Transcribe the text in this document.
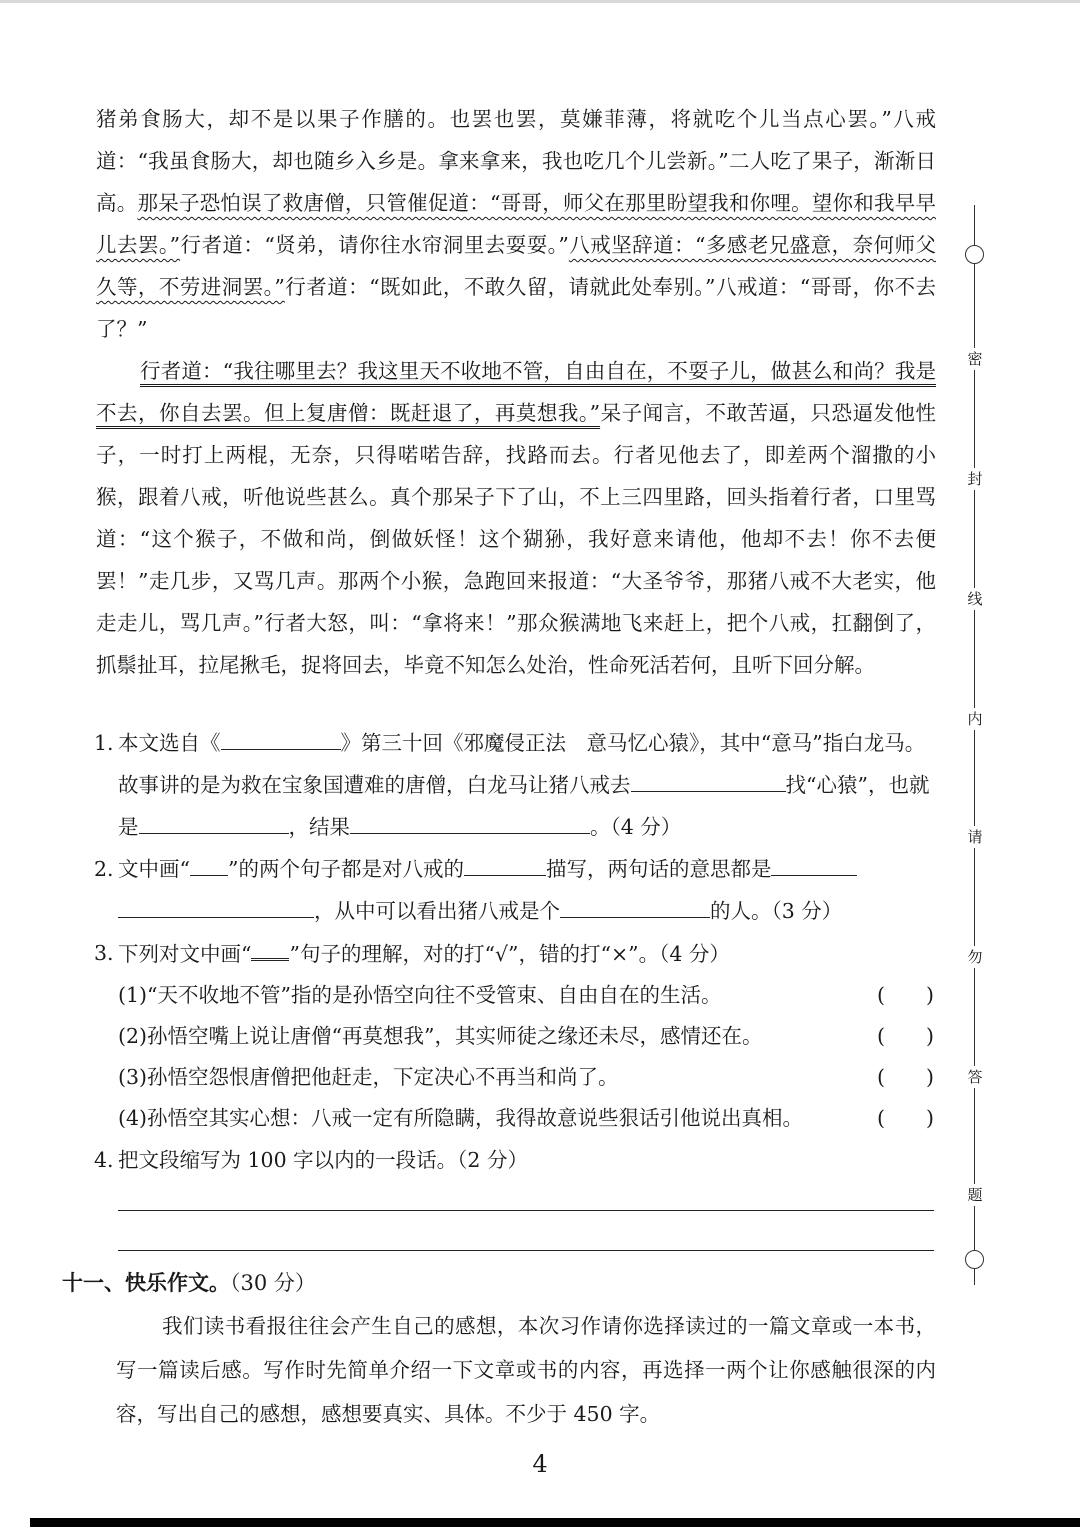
猪弟食肠大，却不是以果子作膳的。也罢也罢，莫嫌菲薄，将就吃个儿当点心罢。”八戒道：“我虽食肠大，却也随乡入乡是。拿来拿来，我也吃几个儿尝新。”二人吃了果子，渐渐日高。那呆子恐怕误了救唐僧，只管催促道：“哥哥，师父在那里盼望我和你哩。望你和我早早儿去罢。”行者道：“贤弟，请你往水帘洞里去耍耍。”八戒坚辞道：“多感老兄盛意，奈何师父久等，不劳进洞罢。”行者道：“既如此，不敢久留，请就此处奉别。”八戒道：“哥哥，你不去了？”

行者道：“我往哪里去？我这里天不收地不管，自由自在，不耍子儿，做甚么和尚？我是不去，你自去罢。但上复唐僧：既赶退了，再莫想我。”呆子闻言，不敢苦逼，只恐逼发他性子，一时打上两棍，无奈，只得喏喏告辞，找路而去。行者见他去了，即差两个溜撒的小猴，跟着八戒，听他说些甚么。真个那呆子下了山，不上三四里路，回头指着行者，口里骂道：“这个猴子，不做和尚，倒做妖怪！这个猢狲，我好意来请他，他却不去！你不去便罢！”走几步，又骂几声。那两个小猴，急跑回来报道：“大圣爷爷，那猪八戒不大老实，他走走儿，骂几声。”行者大怒，叫：“拿将来！”那众猴满地飞来赶上，把个八戒，扛翻倒了，抓鬃扯耳，拉尾揪毛，捉将回去，毕竟不知怎么处治，性命死活若何，且听下回分解。

1. 本文选自《	》第三十回《邪魔侵正法　意马忆心猿》，其中“意马”指白龙马。故事讲的是为救在宝象国遭难的唐僧，白龙马让猪八戒去	找“心猿”，也就是	，结果	。（4 分）
2. 文中画“ ”的两个句子都是对八戒的	描写，两句话的意思都是，从中可以看出猪八戒是个	的人。（3 分）
3. 下列对文中画“ ”句子的理解，对的打“√”，错的打“×”。（4 分）
(1)“天不收地不管”指的是孙悟空向往不受管束、自由自在的生活。	(　　)
(2)孙悟空嘴上说让唐僧“再莫想我”，其实师徒之缘还未尽，感情还在。	(　　)
(3)孙悟空怨恨唐僧把他赶走，下定决心不再当和尚了。	(　　)
(4)孙悟空其实心想：八戒一定有所隐瞒，我得故意说些狠话引他说出真相。	(　　)
4. 把文段缩写为 100 字以内的一段话。（2 分）
十一、快乐作文。（30 分）
我们读书看报往往会产生自己的感想，本次习作请你选择读过的一篇文章或一本书，写一篇读后感。写作时先简单介绍一下文章或书的内容，再选择一两个让你感触很深的内容，写出自己的感想，感想要真实、具体。不少于 450 字。
4
密
封
线
内
请
勿
答
题
